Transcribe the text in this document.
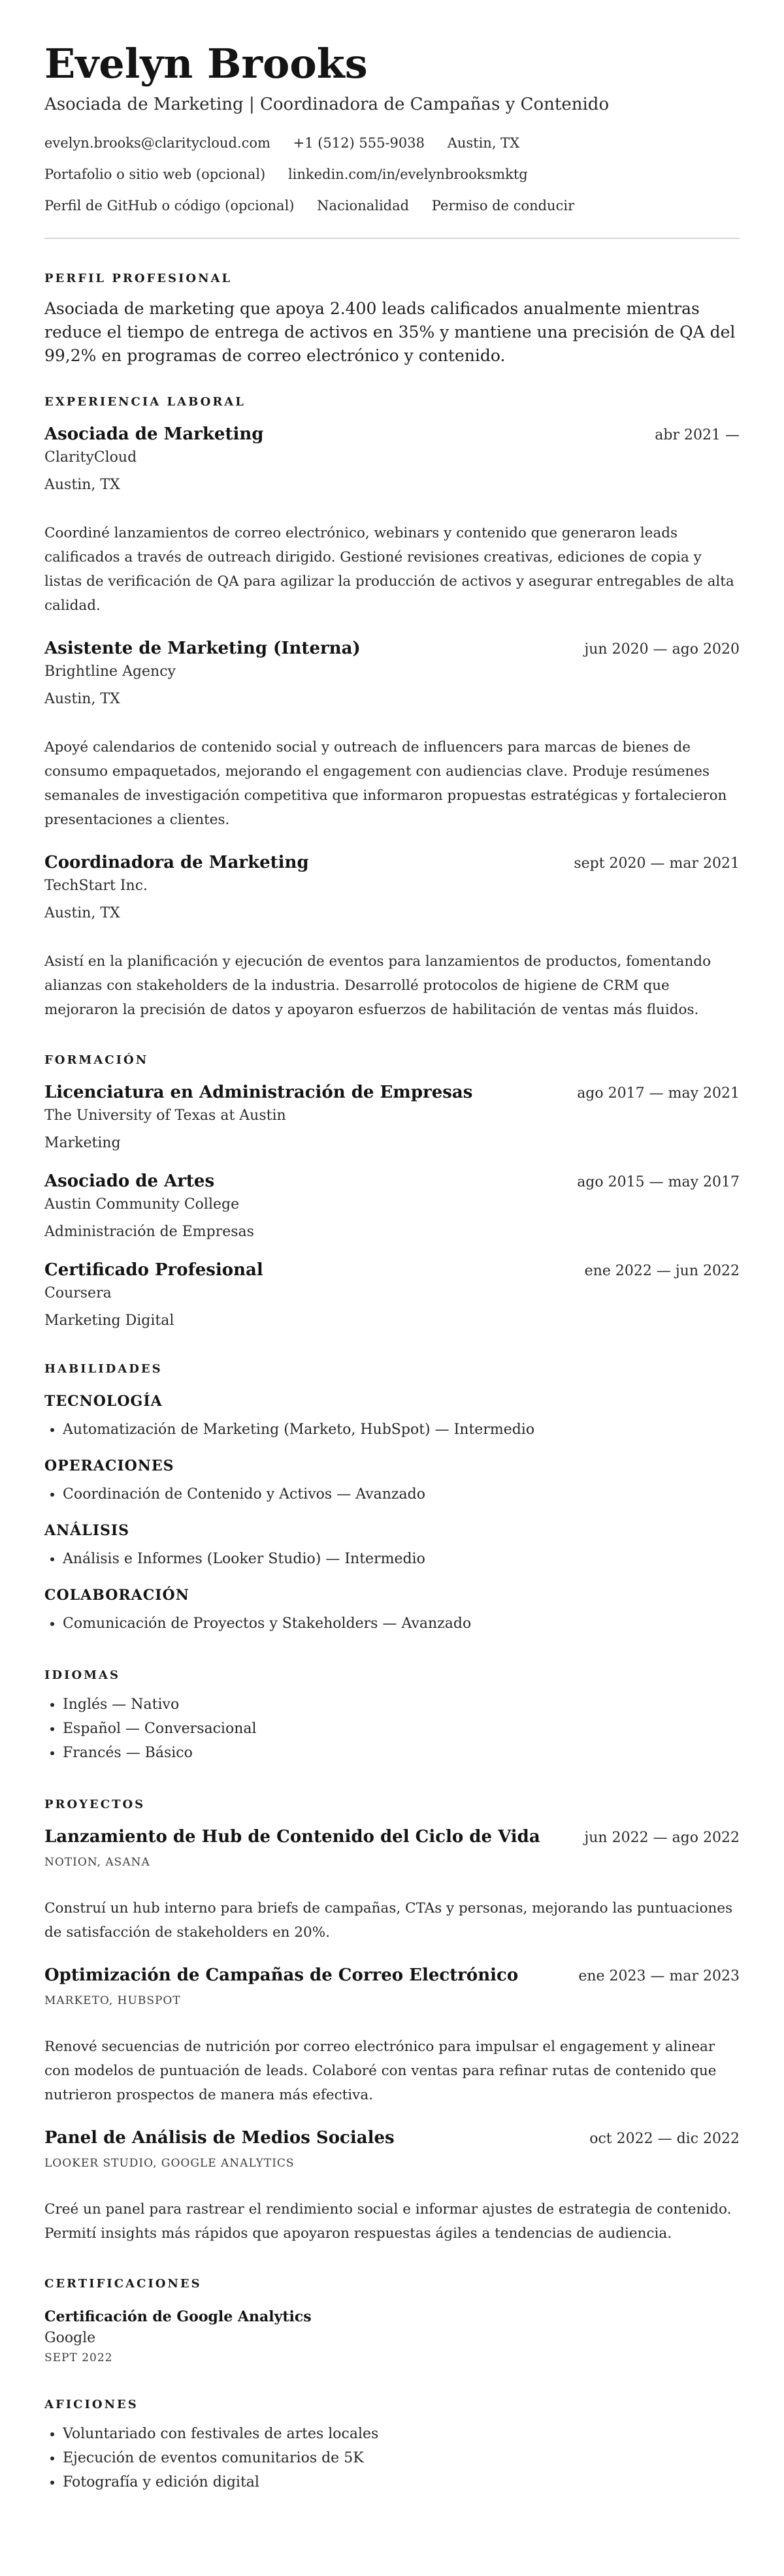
Evelyn Brooks
Asociada de Marketing | Coordinadora de Campañas y Contenido
evelyn.brooks@claritycloud.com +1 (512) 555-9038 Austin, TX
Portafolio o sitio web (opcional) linkedin.com/in/evelynbrooksmktg
Perfil de GitHub o código (opcional) Nacionalidad Permiso de conducir
PERFIL PROFESIONAL
Asociada de marketing que apoya 2.400 leads calificados anualmente mientras reduce el tiempo de entrega de activos en 35% y mantiene una precisión de QA del 99,2% en programas de correo electrónico y contenido.
EXPERIENCIA LABORAL
Asociada de Marketing	abr 2021 —
ClarityCloud
Austin, TX
Coordiné lanzamientos de correo electrónico, webinars y contenido que generaron leads calificados a través de outreach dirigido. Gestioné revisiones creativas, ediciones de copia y listas de verificación de QA para agilizar la producción de activos y asegurar entregables de alta calidad.
Asistente de Marketing (Interna)	jun 2020 — ago 2020
Brightline Agency
Austin, TX
Apoyé calendarios de contenido social y outreach de influencers para marcas de bienes de consumo empaquetados, mejorando el engagement con audiencias clave. Produje resúmenes semanales de investigación competitiva que informaron propuestas estratégicas y fortalecieron presentaciones a clientes.
Coordinadora de Marketing	sept 2020 — mar 2021
TechStart Inc.
Austin, TX
Asistí en la planificación y ejecución de eventos para lanzamientos de productos, fomentando alianzas con stakeholders de la industria. Desarrollé protocolos de higiene de CRM que mejoraron la precisión de datos y apoyaron esfuerzos de habilitación de ventas más fluidos.
FORMACIÓN
Licenciatura en Administración de Empresas	ago 2017 — may 2021
The University of Texas at Austin
Marketing
Asociado de Artes	ago 2015 — may 2017
Austin Community College
Administración de Empresas
Certificado Profesional	ene 2022 — jun 2022
Coursera
Marketing Digital
HABILIDADES
TECNOLOGÍA
• Automatización de Marketing (Marketo, HubSpot) — Intermedio
OPERACIONES
• Coordinación de Contenido y Activos — Avanzado
ANÁLISIS
• Análisis e Informes (Looker Studio) — Intermedio
COLABORACIÓN
• Comunicación de Proyectos y Stakeholders — Avanzado
IDIOMAS
• Inglés — Nativo
• Español — Conversacional
• Francés — Básico
PROYECTOS
Lanzamiento de Hub de Contenido del Ciclo de Vida	jun 2022 — ago 2022
NOTION, ASANA
Construí un hub interno para briefs de campañas, CTAs y personas, mejorando las puntuaciones de satisfacción de stakeholders en 20%.
Optimización de Campañas de Correo Electrónico	ene 2023 — mar 2023
MARKETO, HUBSPOT
Renové secuencias de nutrición por correo electrónico para impulsar el engagement y alinear con modelos de puntuación de leads. Colaboré con ventas para refinar rutas de contenido que nutrieron prospectos de manera más efectiva.
Panel de Análisis de Medios Sociales	oct 2022 — dic 2022
LOOKER STUDIO, GOOGLE ANALYTICS
Creé un panel para rastrear el rendimiento social e informar ajustes de estrategia de contenido. Permití insights más rápidos que apoyaron respuestas ágiles a tendencias de audiencia.
CERTIFICACIONES
Certificación de Google Analytics
Google
SEPT 2022
AFICIONES
• Voluntariado con festivales de artes locales
• Ejecución de eventos comunitarios de 5K
• Fotografía y edición digital
